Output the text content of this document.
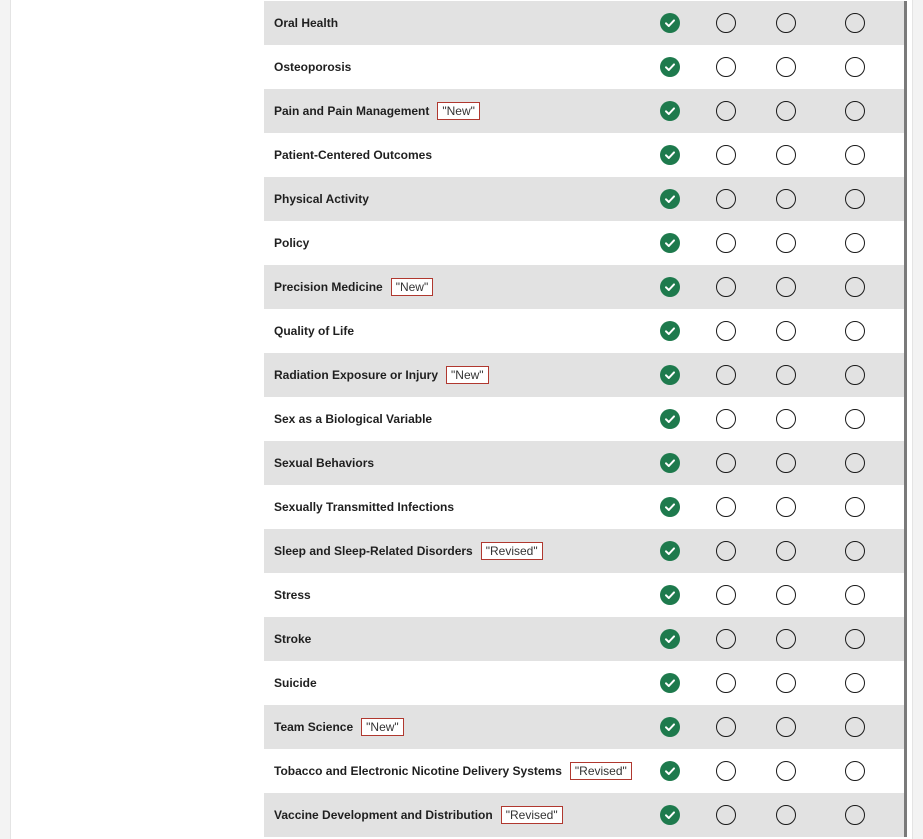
Oral Health
Osteoporosis
Pain and Pain Management	"New"
Patient-Centered Outcomes
Physical Activity
Policy
Precision Medicine	"New"
Quality of Life
Radiation Exposure or Injury	"New"
Sex as a Biological Variable
Sexual Behaviors
Sexually Transmitted Infections
Sleep and Sleep-Related Disorders	"Revised"
Stress
Stroke
Suicide
Team Science	"New"
Tobacco and Electronic Nicotine Delivery Systems	"Revised"
Vaccine Development and Distribution	"Revised"
